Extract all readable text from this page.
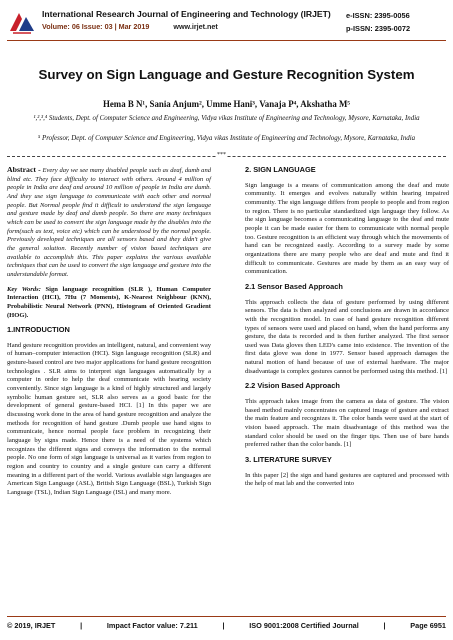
International Research Journal of Engineering and Technology (IRJET)
Volume: 06 Issue: 03 | Mar 2019	www.irjet.net
e-ISSN: 2395-0056
p-ISSN: 2395-0072
Survey on Sign Language and Gesture Recognition System
Hema B N¹, Sania Anjum², Umme Hani³, Vanaja P⁴, Akshatha M⁵
¹,²,³,⁴ Students, Dept. of Computer Science and Engineering, Vidya vikas Institute of Engineering and Technology, Mysore, Karnataka, India
⁵ Professor, Dept. of Computer Science and Engineering, Vidya vikas Institute of Engineering and Technology, Mysore, Karnataka, India
***

Abstract - Every day we see many disabled people such as deaf, dumb and blind etc. They face difficulty to interact with others. Around 4 million of people in India are deaf and around 10 million of people in India are dumb. And they use sign language to communicate with each other and normal people. But Normal people find it difficult to understand the sign language and gesture made by deaf and dumb people. So there are many techniques which can be used to convert the sign language made by the disables into the form(such as text, voice etc) which can be understood by the normal people. Previously developed techniques are all sensors based and they didn't give the general solution. Recently number of vision based techniques are available to accomplish this. This paper explains the various available techniques that can be used to convert the sign language and gesture into the understandable format.

Key Words: Sign language recognition (SLR ), Human Computer Interaction (HCI), 7Hu (7 Moments), K-Nearest Neighbour (KNN), Probabilistic Neural Network (PNN), Histogram of Oriented Gradient (HOG).

1.INTRODUCTION

Hand gesture recognition provides an intelligent, natural, and convenient way of human–computer interaction (HCI). Sign language recognition (SLR) and gesture-based control are two major applications for hand gesture recognition technologies . SLR aims to interpret sign languages automatically by a computer in order to help the deaf communicate with hearing society conveniently. Since sign language is a kind of highly structured and largely symbolic human gesture set, SLR also serves as a good basic for the development of general gesture-based HCI. [1] In this paper we are discussing work done in the area of hand gesture recognition and analyze the methods for recognition of hand gesture .Dumb people use hand signs to communicate, hence normal people face problem in recognizing their language by signs made. Hence there is a need of the systems which recognizes the different signs and conveys the information to the normal people. No one form of sign language is universal as it varies from region to region and country to country and a single gesture can carry a different meaning in a different part of the world. Various available sign languages are American Sign Language (ASL), British Sign Language (BSL), Turkish Sign Language (TSL), Indian Sign Language (ISL) and many more.

2. SIGN LANGUAGE

Sign language is a means of communication among the deaf and mute community. It emerges and evolves naturally within hearing impaired community. The sign language differs from people to people and from region to region. There is no particular standardized sign language they follow. As the sign language becomes a communicating language to the deaf and mute people it can be made easier for them to communicate with normal people too. Gesture recognition is an efficient way through which the movements of hand can be recognized easily. According to a survey made by some organizations there are many people who are deaf and mute and find it difficult to communicate. Gestures are made by them as an easy way of communication.

2.1 Sensor Based Approach

This approach collects the data of gesture performed by using different sensors. The data is then analyzed and conclusions are drawn in accordance with the recognition model. In case of hand gesture recognition different types of sensors were used and placed on hand, when the hand performs any gesture, the data is recorded and is then further analyzed. The first sensor used was Data gloves then LED's came into existence. The invention of the first data glove was done in 1977. Sensor based approach damages the natural motion of hand because of use of external hardware. The major disadvantage is complex gestures cannot be performed using this method. [1]

2.2 Vision Based Approach

This approach takes image from the camera as data of gesture. The vision based method mainly concentrates on captured image of gesture and extract the main feature and recognizes it. The color bands were used at the start of vision based approach. The main disadvantage of this method was the standard color should be used on the finger tips. Then use of bare hands preferred rather than the color bands. [1]

3. LITERATURE SURVEY

In this paper [2] the sign and hand gestures are captured and processed with the help of mat lab and the converted into

© 2019, IRJET	|	Impact Factor value: 7.211	|	ISO 9001:2008 Certified Journal	|	Page 6951
